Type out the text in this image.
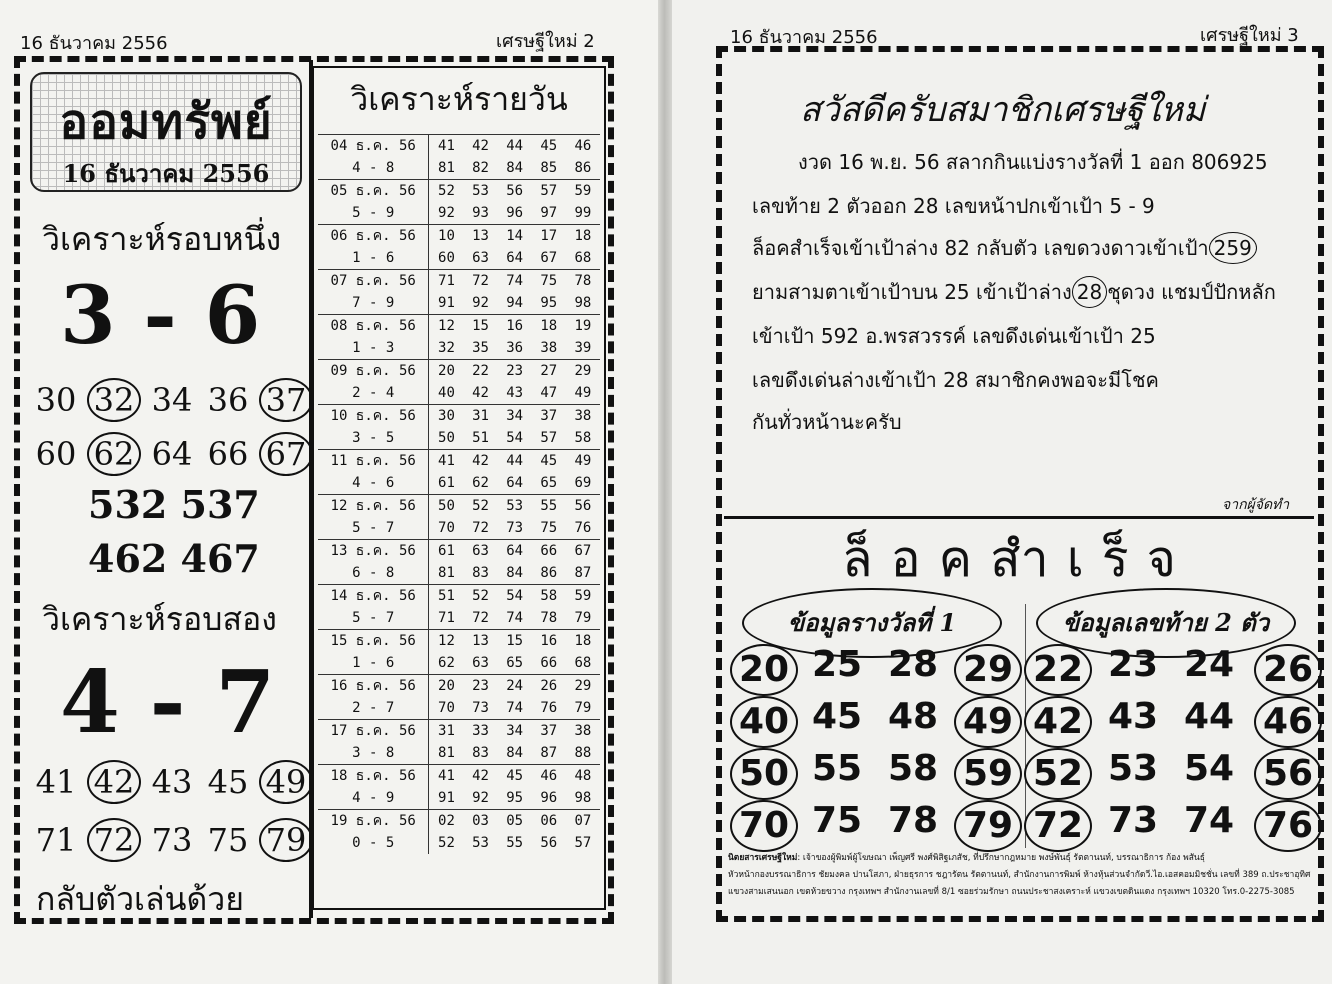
16 ธันวาคม 2556	เศรษฐีใหม่ 2
ออมทรัพย์
16 ธันวาคม 2556
วิเคราะห์รอบหนึ่ง
3 - 6
30 32 34 36 37
60 62 64 66 67
532 537
462 467
วิเคราะห์รอบสอง
4 - 7
41 42 43 45 49
71 72 73 75 79
กลับตัวเล่นด้วย
วิเคราะห์รายวัน
04 ธ.ค. 56	41	42	44	45	46
4 - 8	81	82	84	85	86
05 ธ.ค. 56	52	53	56	57	59
5 - 9	92	93	96	97	99
06 ธ.ค. 56	10	13	14	17	18
1 - 6	60	63	64	67	68
07 ธ.ค. 56	71	72	74	75	78
7 - 9	91	92	94	95	98
08 ธ.ค. 56	12	15	16	18	19
1 - 3	32	35	36	38	39
09 ธ.ค. 56	20	22	23	27	29
2 - 4	40	42	43	47	49
10 ธ.ค. 56	30	31	34	37	38
3 - 5	50	51	54	57	58
11 ธ.ค. 56	41	42	44	45	49
4 - 6	61	62	64	65	69
12 ธ.ค. 56	50	52	53	55	56
5 - 7	70	72	73	75	76
13 ธ.ค. 56	61	63	64	66	67
6 - 8	81	83	84	86	87
14 ธ.ค. 56	51	52	54	58	59
5 - 7	71	72	74	78	79
15 ธ.ค. 56	12	13	15	16	18
1 - 6	62	63	65	66	68
16 ธ.ค. 56	20	23	24	26	29
2 - 7	70	73	74	76	79
17 ธ.ค. 56	31	33	34	37	38
3 - 8	81	83	84	87	88
18 ธ.ค. 56	41	42	45	46	48
4 - 9	91	92	95	96	98
19 ธ.ค. 56	02	03	05	06	07
0 - 5	52	53	55	56	57
16 ธันวาคม 2556	เศรษฐีใหม่ 3
สวัสดีครับสมาชิกเศรษฐีใหม่
งวด 16 พ.ย. 56 สลากกินแบ่งรางวัลที่ 1 ออก 806925
เลขท้าย 2 ตัวออก 28 เลขหน้าปกเข้าเป้า 5 - 9
ล็อคสำเร็จเข้าเป้าล่าง 82 กลับตัว เลขดวงดาวเข้าเป้า 259
ยามสามตาเข้าเป้าบน 25 เข้าเป้าล่าง 28 ชุดวง แชมป์ปักหลัก
เข้าเป้า 592 อ.พรสวรรค์ เลขดึงเด่นเข้าเป้า 25
เลขดึงเด่นล่างเข้าเป้า 28 สมาชิกคงพอจะมีโชค
กันทั่วหน้านะครับ
จากผู้จัดทำ
ล็อคสำเร็จ
ข้อมูลรางวัลที่ 1	ข้อมูลเลขท้าย 2 ตัว
20 25 28 29
40 45 48 49
50 55 58 59
70 75 78 79
22 23 24 26
42 43 44 46
52 53 54 56
72 73 74 76
นิตยสารเศรษฐีใหม่: เจ้าของผู้พิมพ์ผู้โฆษณา เพ็ญศรี พงศ์พิสิฐเภสัช, ที่ปรึกษากฎหมาย พงษ์พันธุ์ รัตตานนท์, บรรณาธิการ ก้อง พสันธุ์
หัวหน้ากองบรรณาธิการ ชัยมงคล ปานโสภา, ฝ่ายธุรการ ชฎารัตน รัตตานนท์, สำนักงานการพิมพ์ ห้างหุ้นส่วนจำกัดวี.ไอ.เอสคอมมิชชั่น เลขที่ 389 ถ.ประชาอุทิศ
แขวงสามเสนนอก เขตห้วยขวาง กรุงเทพฯ สำนักงานเลขที่ 8/1 ซอยร่วมรักษา ถนนประชาสงเคราะห์ แขวงเขตดินแดง กรุงเทพฯ 10320 โทร.0-2275-3085
